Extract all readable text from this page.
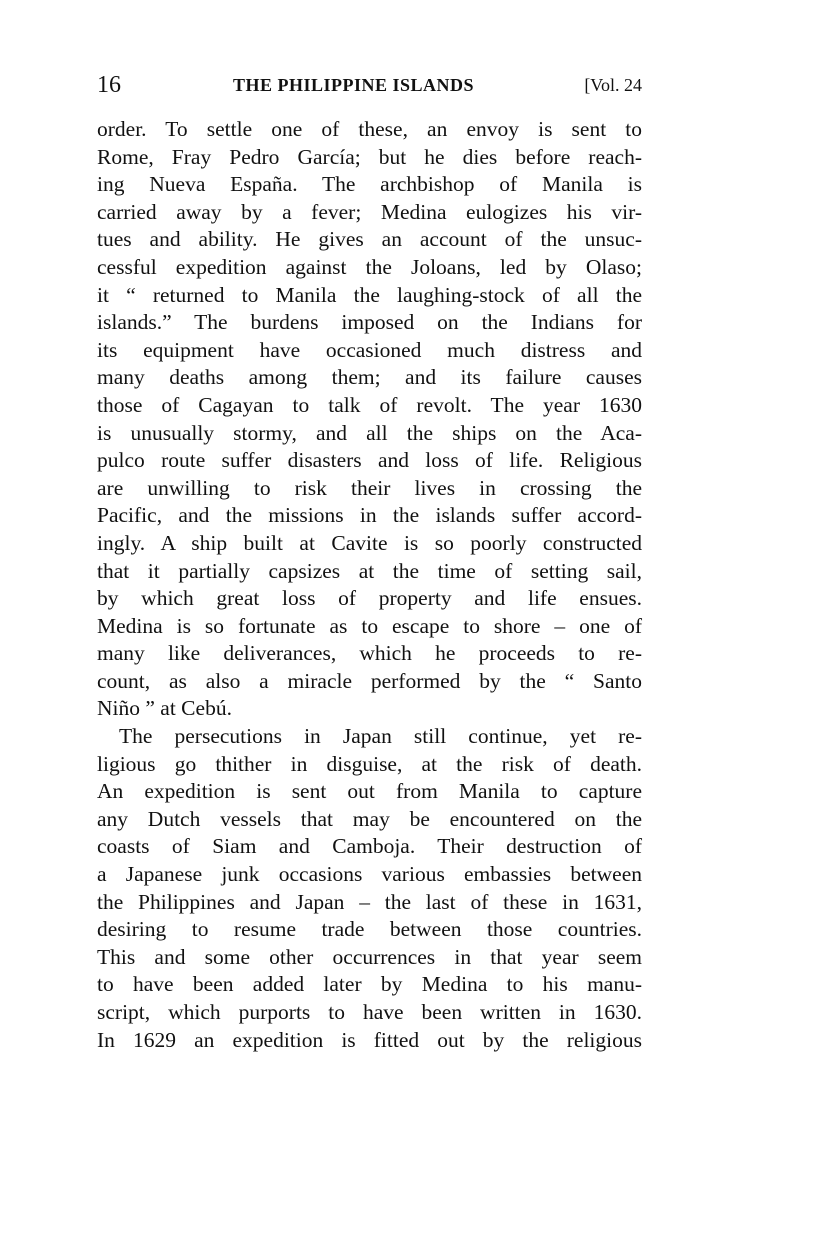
16	THE PHILIPPINE ISLANDS	[Vol. 24
order. To settle one of these, an envoy is sent to
Rome, Fray Pedro García; but he dies before reach-
ing Nueva España. The archbishop of Manila is
carried away by a fever; Medina eulogizes his vir-
tues and ability. He gives an account of the unsuc-
cessful expedition against the Joloans, led by Olaso;
it “ returned to Manila the laughing-stock of all the
islands.” The burdens imposed on the Indians for
its equipment have occasioned much distress and
many deaths among them; and its failure causes
those of Cagayan to talk of revolt. The year 1630
is unusually stormy, and all the ships on the Aca-
pulco route suffer disasters and loss of life. Religious
are unwilling to risk their lives in crossing the
Pacific, and the missions in the islands suffer accord-
ingly. A ship built at Cavite is so poorly constructed
that it partially capsizes at the time of setting sail,
by which great loss of property and life ensues.
Medina is so fortunate as to escape to shore – one of
many like deliverances, which he proceeds to re-
count, as also a miracle performed by the “ Santo
Niño ” at Cebú.
The persecutions in Japan still continue, yet re-
ligious go thither in disguise, at the risk of death.
An expedition is sent out from Manila to capture
any Dutch vessels that may be encountered on the
coasts of Siam and Camboja. Their destruction of
a Japanese junk occasions various embassies between
the Philippines and Japan – the last of these in 1631,
desiring to resume trade between those countries.
This and some other occurrences in that year seem
to have been added later by Medina to his manu-
script, which purports to have been written in 1630.
In 1629 an expedition is fitted out by the religious
